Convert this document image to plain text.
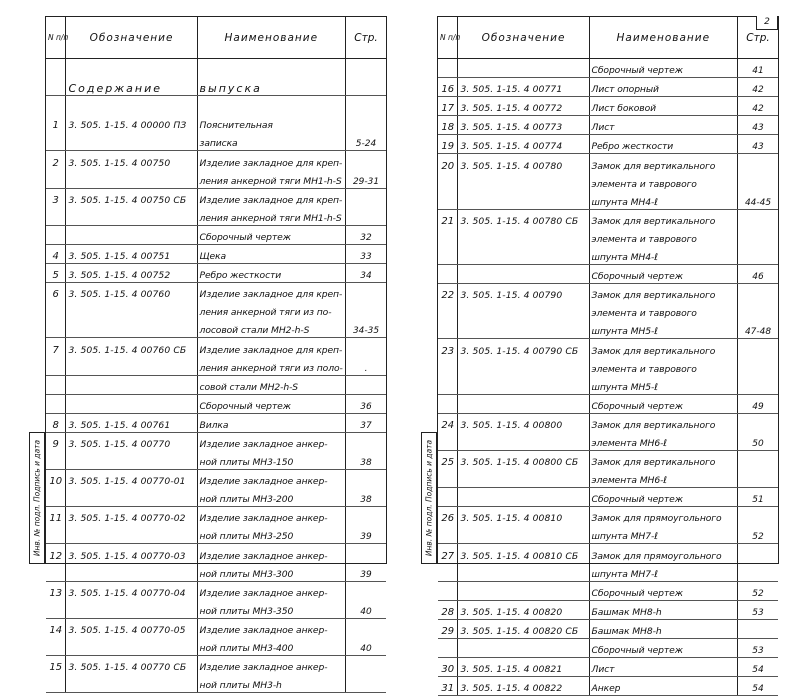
N п/п	Обозначение	Наименование	Стр.

	Содержание	выпуска	

1	3. 505. 1-15. 4 00000 ПЗ	Пояснительная	
		записка	5-24
2	3. 505. 1-15. 4 00750	Изделие закладное для креп-	
		ления анкерной тяги МН1-h-S	29-31
3	3. 505. 1-15. 4 00750 СБ	Изделие закладное для креп-	
		ления анкерной тяги МН1-h-S	
		Сборочный чертеж	32
4	3. 505. 1-15. 4 00751	Щека	33
5	3. 505. 1-15. 4 00752	Ребро жесткости	34
6	3. 505. 1-15. 4 00760	Изделие закладное для креп-	
		ления анкерной тяги из по-	
		лосовой стали МН2-h-S	34-35
7	3. 505. 1-15. 4 00760 СБ	Изделие закладное для креп-	
		ления анкерной тяги из поло-	.
		совой стали МН2-h-S	
		Сборочный чертеж	36
8	3. 505. 1-15. 4 00761	Вилка	37
9	3. 505. 1-15. 4 00770	Изделие закладное анкер-	
		ной плиты МН3-150	38
10	3. 505. 1-15. 4 00770-01	Изделие закладное анкер-	
		ной плиты МН3-200	38
11	3. 505. 1-15. 4 00770-02	Изделие закладное анкер-	
		ной плиты МН3-250	39
12	3. 505. 1-15. 4 00770-03	Изделие закладное анкер-	
		ной плиты МН3-300	39
13	3. 505. 1-15. 4 00770-04	Изделие закладное анкер-	
		ной плиты МН3-350	40
14	3. 505. 1-15. 4 00770-05	Изделие закладное анкер-	
		ной плиты МН3-400	40
15	3. 505. 1-15. 4 00770 СБ	Изделие закладное анкер-	
		ной плиты МН3-h	
2
N п/п	Обозначение	Наименование	Стр.
		Сборочный чертеж	41
16	3. 505. 1-15. 4 00771	Лист опорный	42
17	3. 505. 1-15. 4 00772	Лист боковой	42
18	3. 505. 1-15. 4 00773	Лист	43
19	3. 505. 1-15. 4 00774	Ребро жесткости	43
20	3. 505. 1-15. 4 00780	Замок для вертикального	
		элемента и таврового	
		шпунта МН4-ℓ	44-45
21	3. 505. 1-15. 4 00780 СБ	Замок для вертикального	
		элемента и таврового	
		шпунта МН4-ℓ	
		Сборочный чертеж	46
22	3. 505. 1-15. 4 00790	Замок для вертикального	
		элемента и таврового	
		шпунта МН5-ℓ	47-48
23	3. 505. 1-15. 4 00790 СБ	Замок для вертикального	
		элемента и таврового	
		шпунта МН5-ℓ	
		Сборочный чертеж	49
24	3. 505. 1-15. 4 00800	Замок для вертикального	
		элемента МН6-ℓ	50
25	3. 505. 1-15. 4 00800 СБ	Замок для вертикального	
		элемента МН6-ℓ	
		Сборочный чертеж	51
26	3. 505. 1-15. 4 00810	Замок для прямоугольного	
		шпунта МН7-ℓ	52
27	3. 505. 1-15. 4 00810 СБ	Замок для прямоугольного	
		шпунта МН7-ℓ	
		Сборочный чертеж	52
28	3. 505. 1-15. 4 00820	Башмак МН8-h	53
29	3. 505. 1-15. 4 00820 СБ	Башмак МН8-h	
		Сборочный чертеж	53
30	3. 505. 1-15. 4 00821	Лист	54
31	3. 505. 1-15. 4 00822	Анкер	54
Инв. № подл. Подпись и дата	Инв. № подл. Подпись и дата
